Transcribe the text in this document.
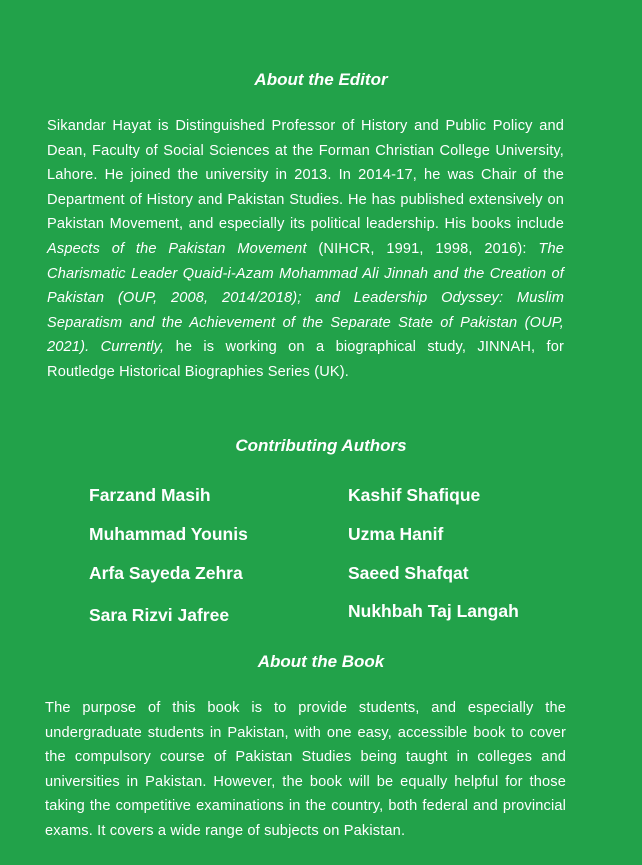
About the Editor

Sikandar Hayat is Distinguished Professor of History and Public Policy and Dean, Faculty of Social Sciences at the Forman Christian College University, Lahore. He joined the university in 2013. In 2014-17, he was Chair of the Department of History and Pakistan Studies. He has published extensively on Pakistan Movement, and especially its political leadership. His books include Aspects of the Pakistan Movement (NIHCR, 1991, 1998, 2016): The Charismatic Leader Quaid-i-Azam Mohammad Ali Jinnah and the Creation of Pakistan (OUP, 2008, 2014/2018); and Leadership Odyssey: Muslim Separatism and the Achievement of the Separate State of Pakistan (OUP, 2021). Currently, he is working on a biographical study, JINNAH, for Routledge Historical Biographies Series (UK).

Contributing Authors

Farzand Masih

Muhammad Younis

Arfa Sayeda Zehra

Sara Rizvi Jafree

Kashif Shafique

Uzma Hanif

Saeed Shafqat

Nukhbah Taj Langah

About the Book

The purpose of this book is to provide students, and especially the undergraduate students in Pakistan, with one easy, accessible book to cover the compulsory course of Pakistan Studies being taught in colleges and universities in Pakistan. However, the book will be equally helpful for those taking the competitive examinations in the country, both federal and provincial exams. It covers a wide range of subjects on Pakistan.
